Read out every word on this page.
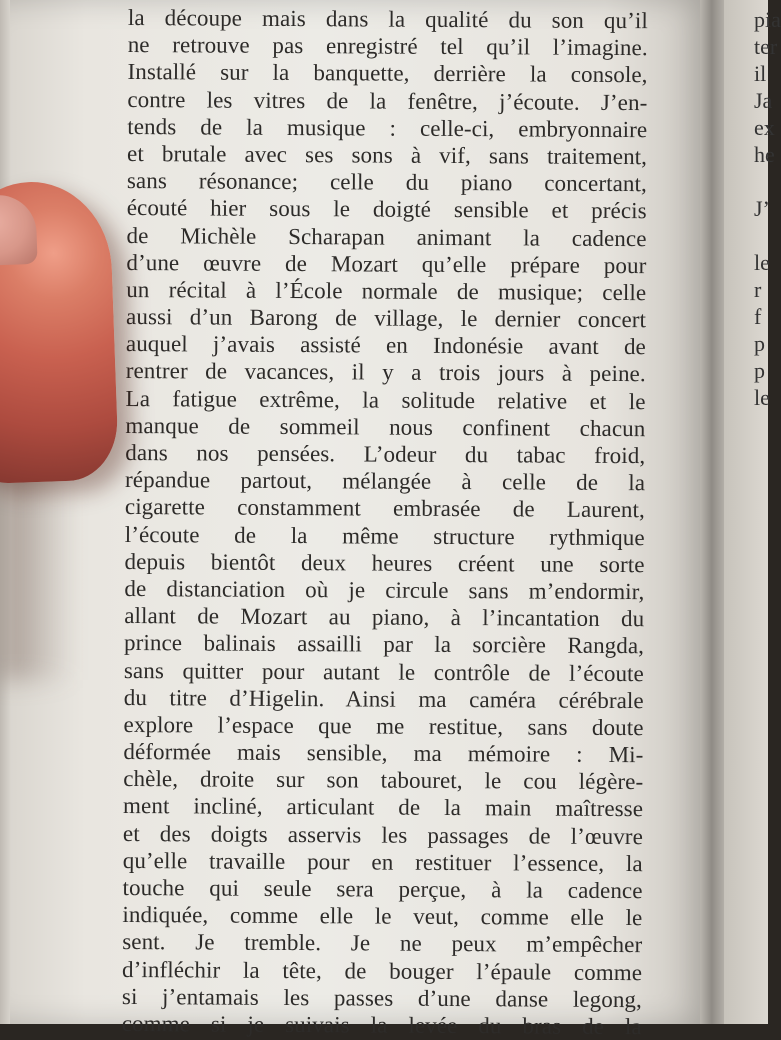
la découpe mais dans la qualité du son qu’il
ne retrouve pas enregistré tel qu’il l’imagine.
Installé sur la banquette, derrière la console,
contre les vitres de la fenêtre, j’écoute. J’en-
tends de la musique : celle-ci, embryonnaire
et brutale avec ses sons à vif, sans traitement,
sans résonance; celle du piano concertant,
écouté hier sous le doigté sensible et précis
de Michèle Scharapan animant la cadence
d’une œuvre de Mozart qu’elle prépare pour
un récital à l’École normale de musique; celle
aussi d’un Barong de village, le dernier concert
auquel j’avais assisté en Indonésie avant de
rentrer de vacances, il y a trois jours à peine.
La fatigue extrême, la solitude relative et le
manque de sommeil nous confinent chacun
dans nos pensées. L’odeur du tabac froid,
répandue partout, mélangée à celle de la
cigarette constamment embrasée de Laurent,
l’écoute de la même structure rythmique
depuis bientôt deux heures créent une sorte
de distanciation où je circule sans m’endormir,
allant de Mozart au piano, à l’incantation du
prince balinais assailli par la sorcière Rangda,
sans quitter pour autant le contrôle de l’écoute
du titre d’Higelin. Ainsi ma caméra cérébrale
explore l’espace que me restitue, sans doute
déformée mais sensible, ma mémoire : Mi-
chèle, droite sur son tabouret, le cou légère-
ment incliné, articulant de la main maîtresse
et des doigts asservis les passages de l’œuvre
qu’elle travaille pour en restituer l’essence, la
touche qui seule sera perçue, à la cadence
indiquée, comme elle le veut, comme elle le
sent. Je tremble. Je ne peux m’empêcher
d’infléchir la tête, de bouger l’épaule comme
si j’entamais les passes d’une danse legong,
comme si je suivais la levée du bras de la
pia
ter
il
Ja
ex
he
J’
le
r
f
p
p
le
